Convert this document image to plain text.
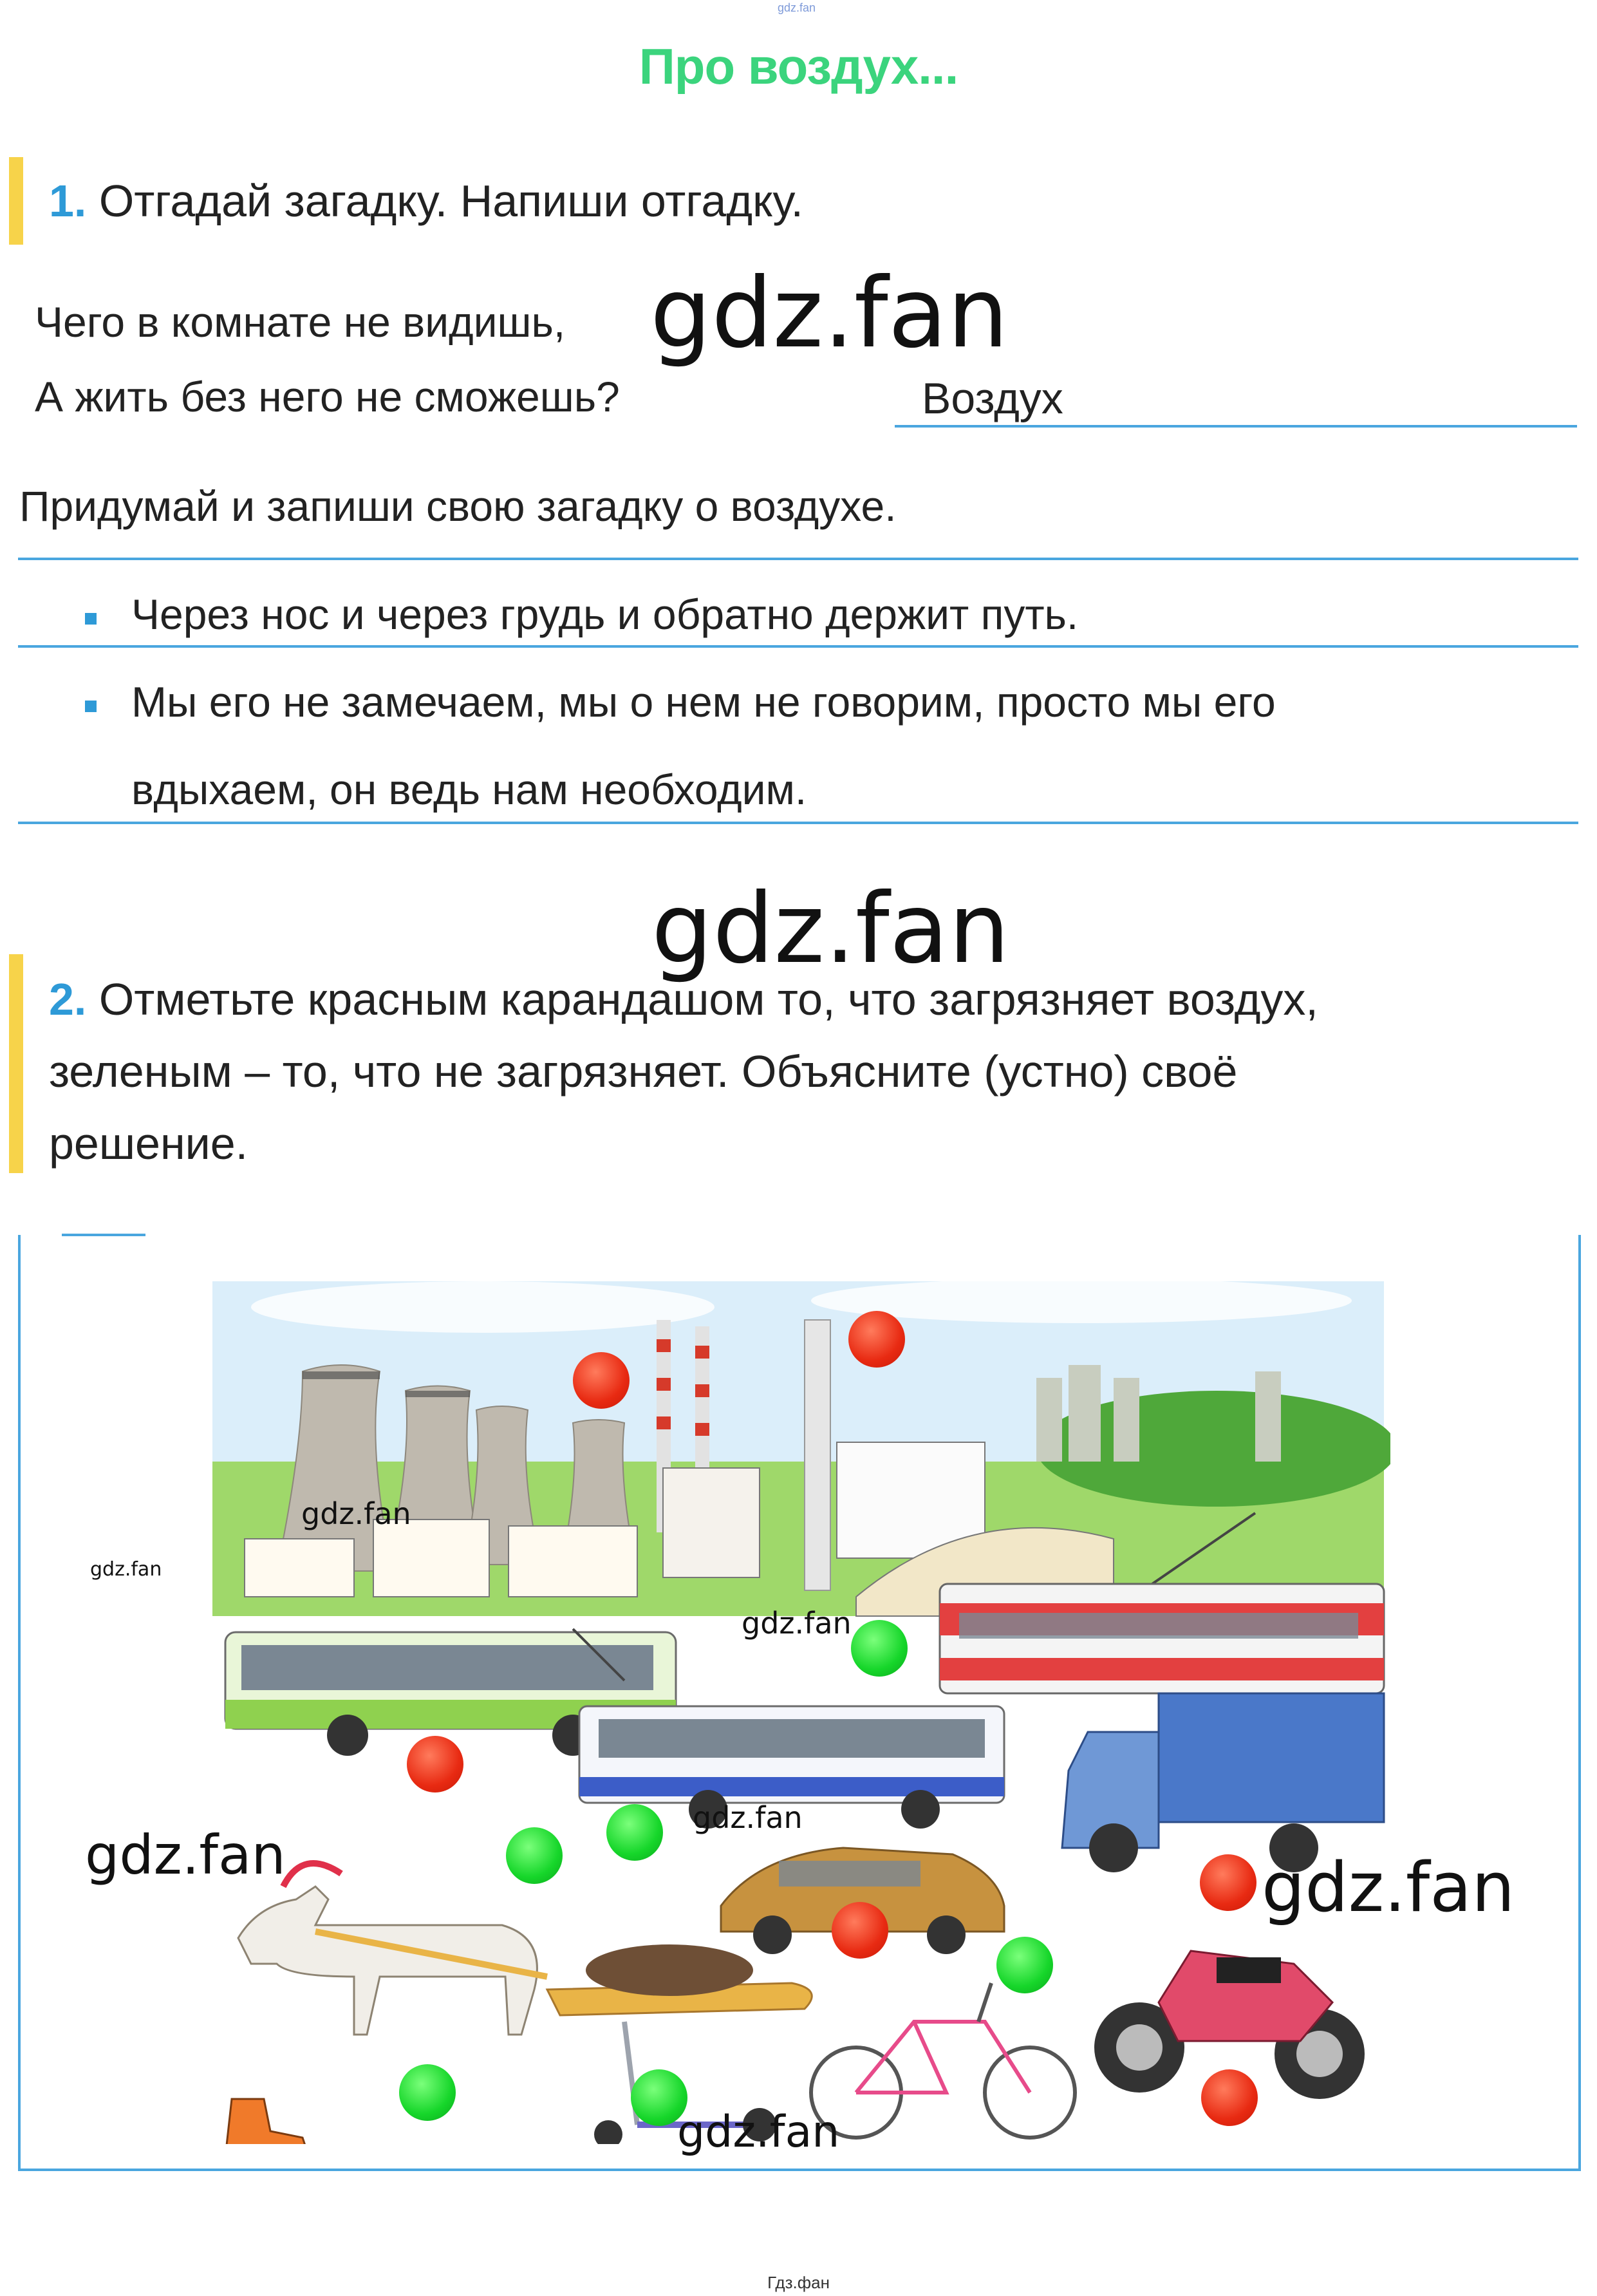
gdz.fan
Про воздух...
1. Отгадай загадку. Напиши отгадку.
Чего в комнате не видишь, gdz.fan
А жить без него не сможешь?	Воздух
Придумай и запиши свою загадку о воздухе.
Через нос и через грудь и обратно держит путь.
Мы его не замечаем, мы о нем не говорим, просто мы его
вдыхаем, он ведь нам необходим.
gdz.fan
2. Отметьте красным карандашом то, что загрязняет воздух,
зеленым – то, что не загрязняет. Объясните (устно) своё
решение.
gdz.fan
gdz.fan
gdz.fan
gdz.fan
gdz.fan	gdz.fan
gdz.fan
Гдз.фан
